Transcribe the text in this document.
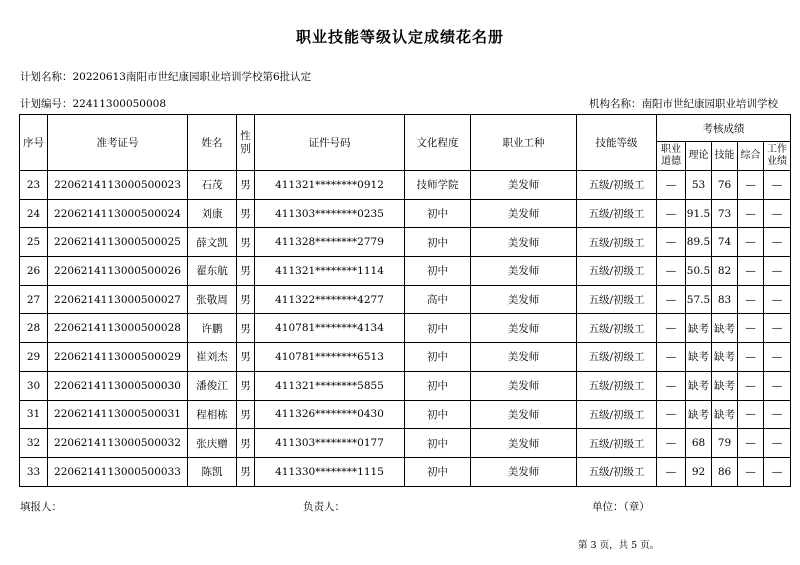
职业技能等级认定成绩花名册
计划名称：20220613南阳市世纪康园职业培训学校第6批认定
计划编号：22411300050008	机构名称：南阳市世纪康园职业培训学校
序号	准考证号	姓名	性别	证件号码	文化程度	职业工种	技能等级	考核成绩				
								职业道德	理论	技能	综合	工作业绩
23	220621411300050002З	石茂	男	411321********0912	技师学院	美发师	五级/初级工	—	53	76	—	—
24	2206214113000500024	刘康	男	411303********0235	初中	美发师	五级/初级工	—	91.5	73	—	—
25	2206214113000500025	薛文凯	男	411328********2779	初中	美发师	五级/初级工	—	89.5	74	—	—
26	2206214113000500026	翟东航	男	411321********1114	初中	美发师	五级/初级工	—	50.5	82	—	—
27	2206214113000500027	张敬周	男	411322********4277	高中	美发师	五级/初级工	—	57.5	83	—	—
28	2206214113000500028	许鹏	男	410781********4134	初中	美发师	五级/初级工	—	缺考	缺考	—	—
29	2206214113000500029	崔刘杰	男	410781********6513	初中	美发师	五级/初级工	—	缺考	缺考	—	—
30	2206214113000500030	潘俊江	男	411321********5855	初中	美发师	五级/初级工	—	缺考	缺考	—	—
31	2206214113000500031	程相栋	男	411326********0430	初中	美发师	五级/初级工	—	缺考	缺考	—	—
32	2206214113000500032	张庆赠	男	411303********0177	初中	美发师	五级/初级工	—	68	79	—	—
33	2206214113000500033	陈凯	男	411330********1115	初中	美发师	五级/初级工	—	92	86	—	—
填报人：	负责人：	单位：（章）
第 3 页，共 5 页。
